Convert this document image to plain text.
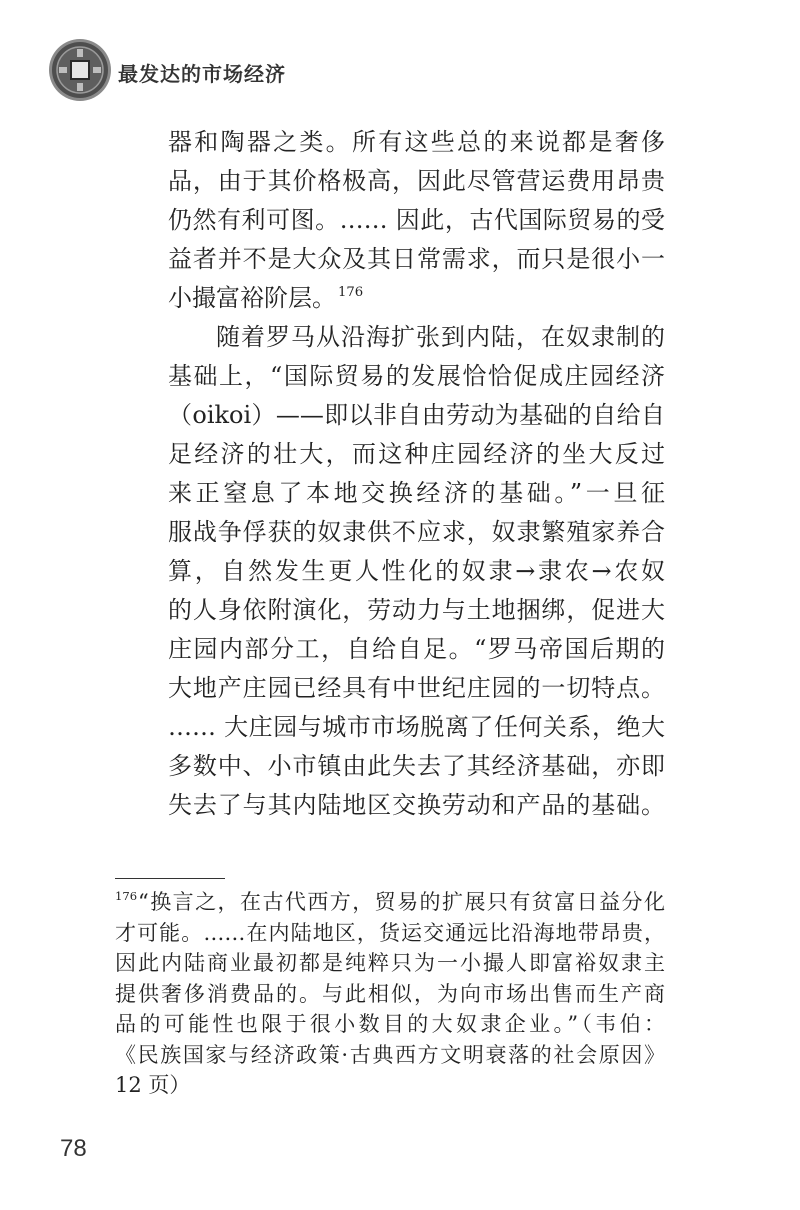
最发达的市场经济
器和陶器之类。所有这些总的来说都是奢侈
品，由于其价格极高，因此尽管营运费用昂贵
仍然有利可图。…… 因此，古代国际贸易的受
益者并不是大众及其日常需求，而只是很小一
小撮富裕阶层。 $^{176}$
随着罗马从沿海扩张到内陆，在奴隶制的
基础上，“国际贸易的发展恰恰促成庄园经济
（oikoi）——即以非自由劳动为基础的自给自
足经济的壮大，而这种庄园经济的坐大反过
来正窒息了本地交换经济的基础。”一旦征
服战争俘获的奴隶供不应求，奴隶繁殖家养合
算，自然发生更人性化的奴隶→隶农→农奴
的人身依附演化，劳动力与土地捆绑，促进大
庄园内部分工，自给自足。“罗马帝国后期的
大地产庄园已经具有中世纪庄园的一切特点。
…… 大庄园与城市市场脱离了任何关系，绝大
多数中、小市镇由此失去了其经济基础，亦即
失去了与其内陆地区交换劳动和产品的基础。
$^{176}$“换言之，在古代西方，贸易的扩展只有贫富日益分化
才可能。……在内陆地区，货运交通远比沿海地带昂贵，
因此内陆商业最初都是纯粹只为一小撮人即富裕奴隶主
提供奢侈消费品的。与此相似，为向市场出售而生产商
品的可能性也限于很小数目的大奴隶企业。”（韦伯：
《民族国家与经济政策·古典西方文明衰落的社会原因》
12 页）
78
